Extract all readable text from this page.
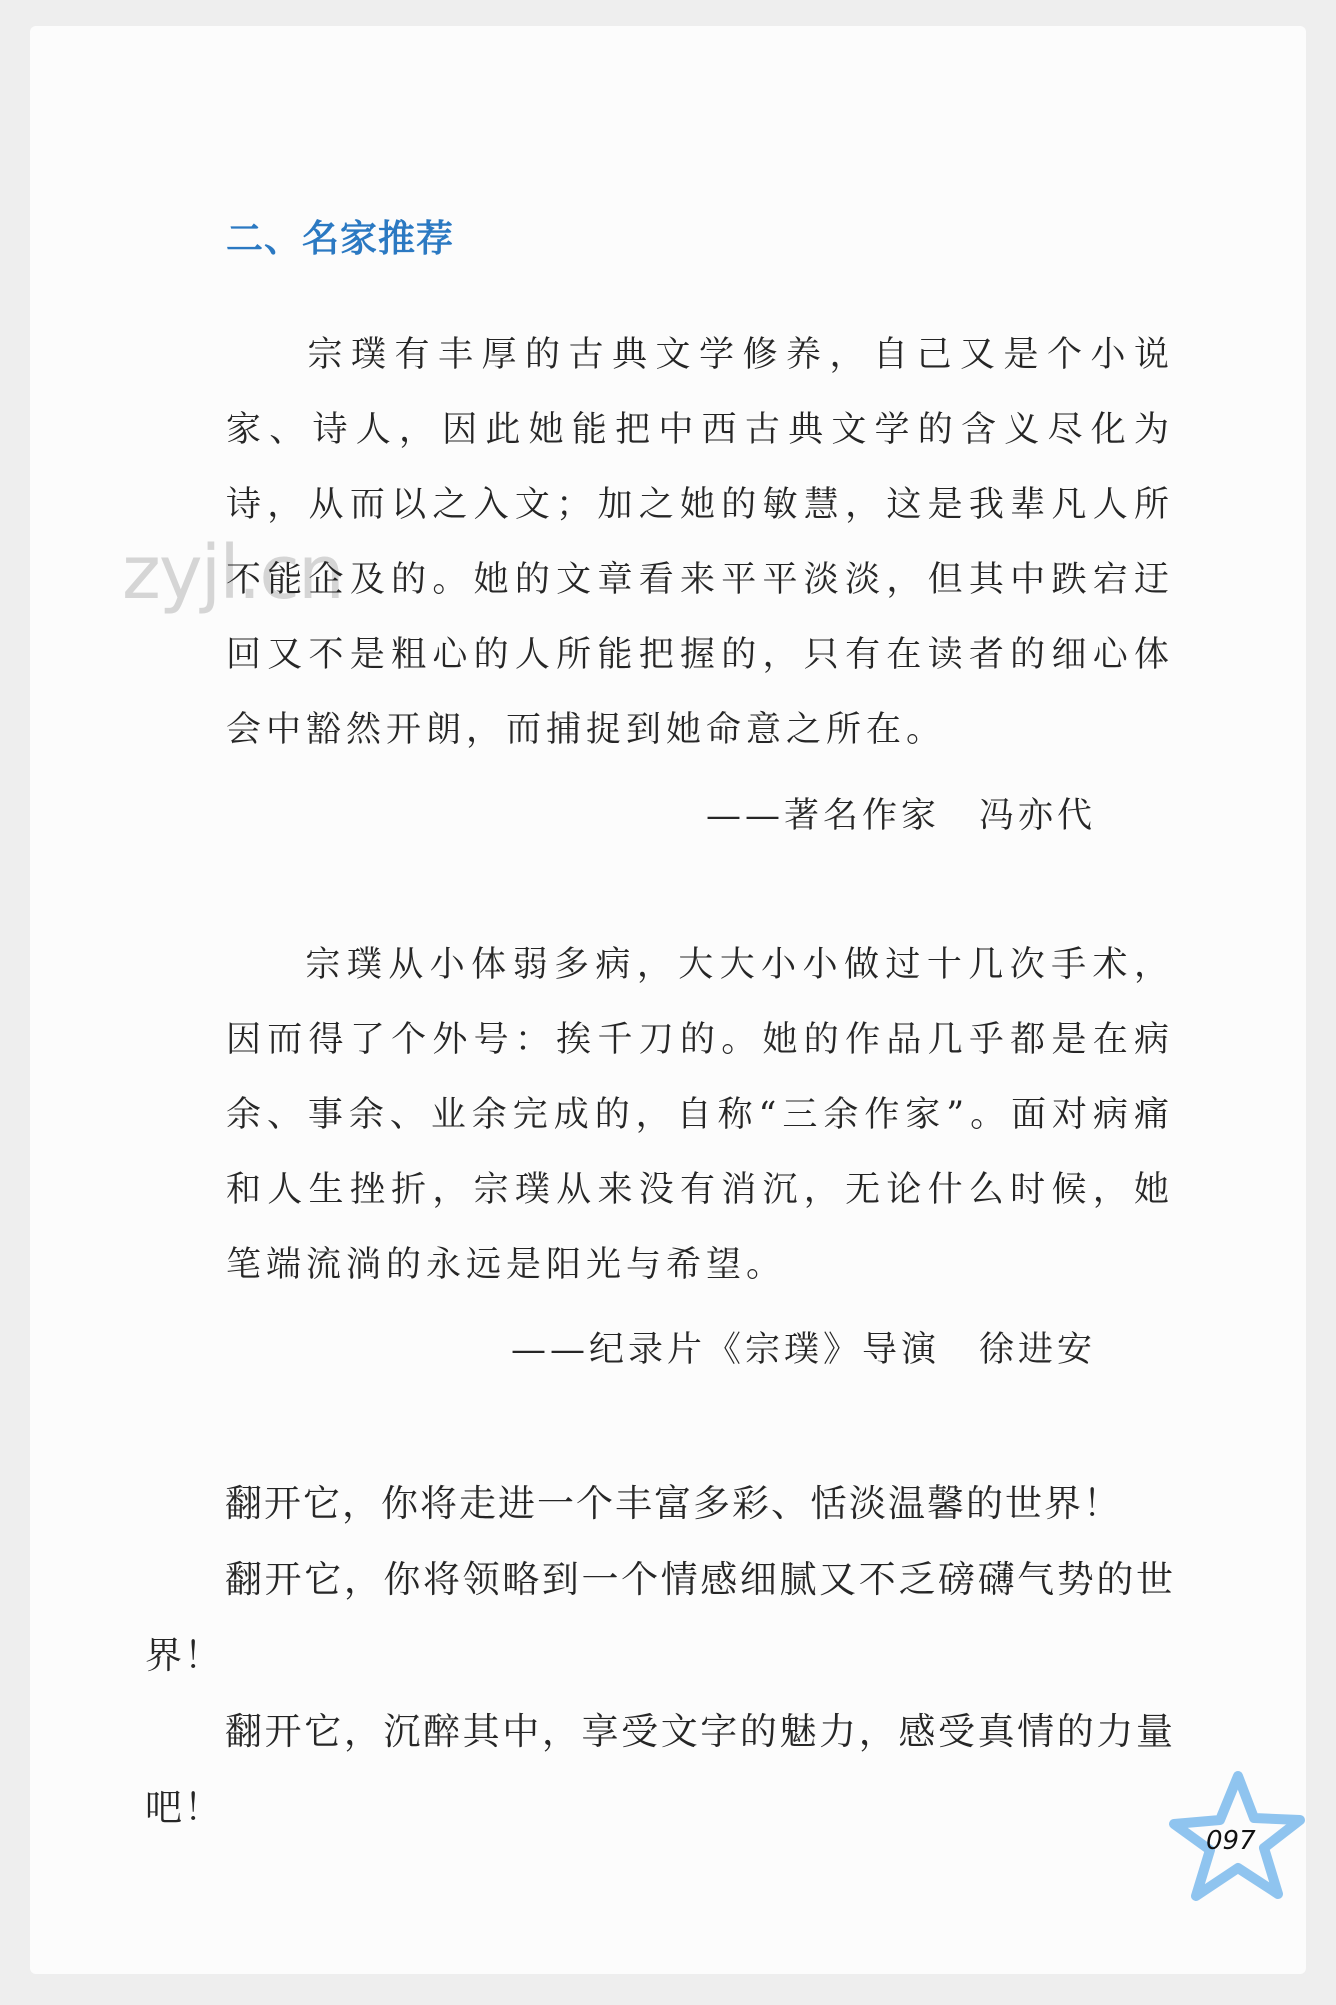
zyjl.cn
二、名家推荐

宗璞有丰厚的古典文学修养，自己又是个小说家、诗人，因此她能把中西古典文学的含义尽化为诗，从而以之入文；加之她的敏慧，这是我辈凡人所不能企及的。她的文章看来平平淡淡，但其中跌宕迂回又不是粗心的人所能把握的，只有在读者的细心体会中豁然开朗，而捕捉到她命意之所在。

——著名作家　冯亦代

宗璞从小体弱多病，大大小小做过十几次手术，因而得了个外号：挨千刀的。她的作品几乎都是在病余、事余、业余完成的，自称“三余作家”。面对病痛和人生挫折，宗璞从来没有消沉，无论什么时候，她笔端流淌的永远是阳光与希望。

——纪录片《宗璞》导演　徐进安

翻开它，你将走进一个丰富多彩、恬淡温馨的世界！

翻开它，你将领略到一个情感细腻又不乏磅礴气势的世界！

翻开它，沉醉其中，享受文字的魅力，感受真情的力量吧！

097
